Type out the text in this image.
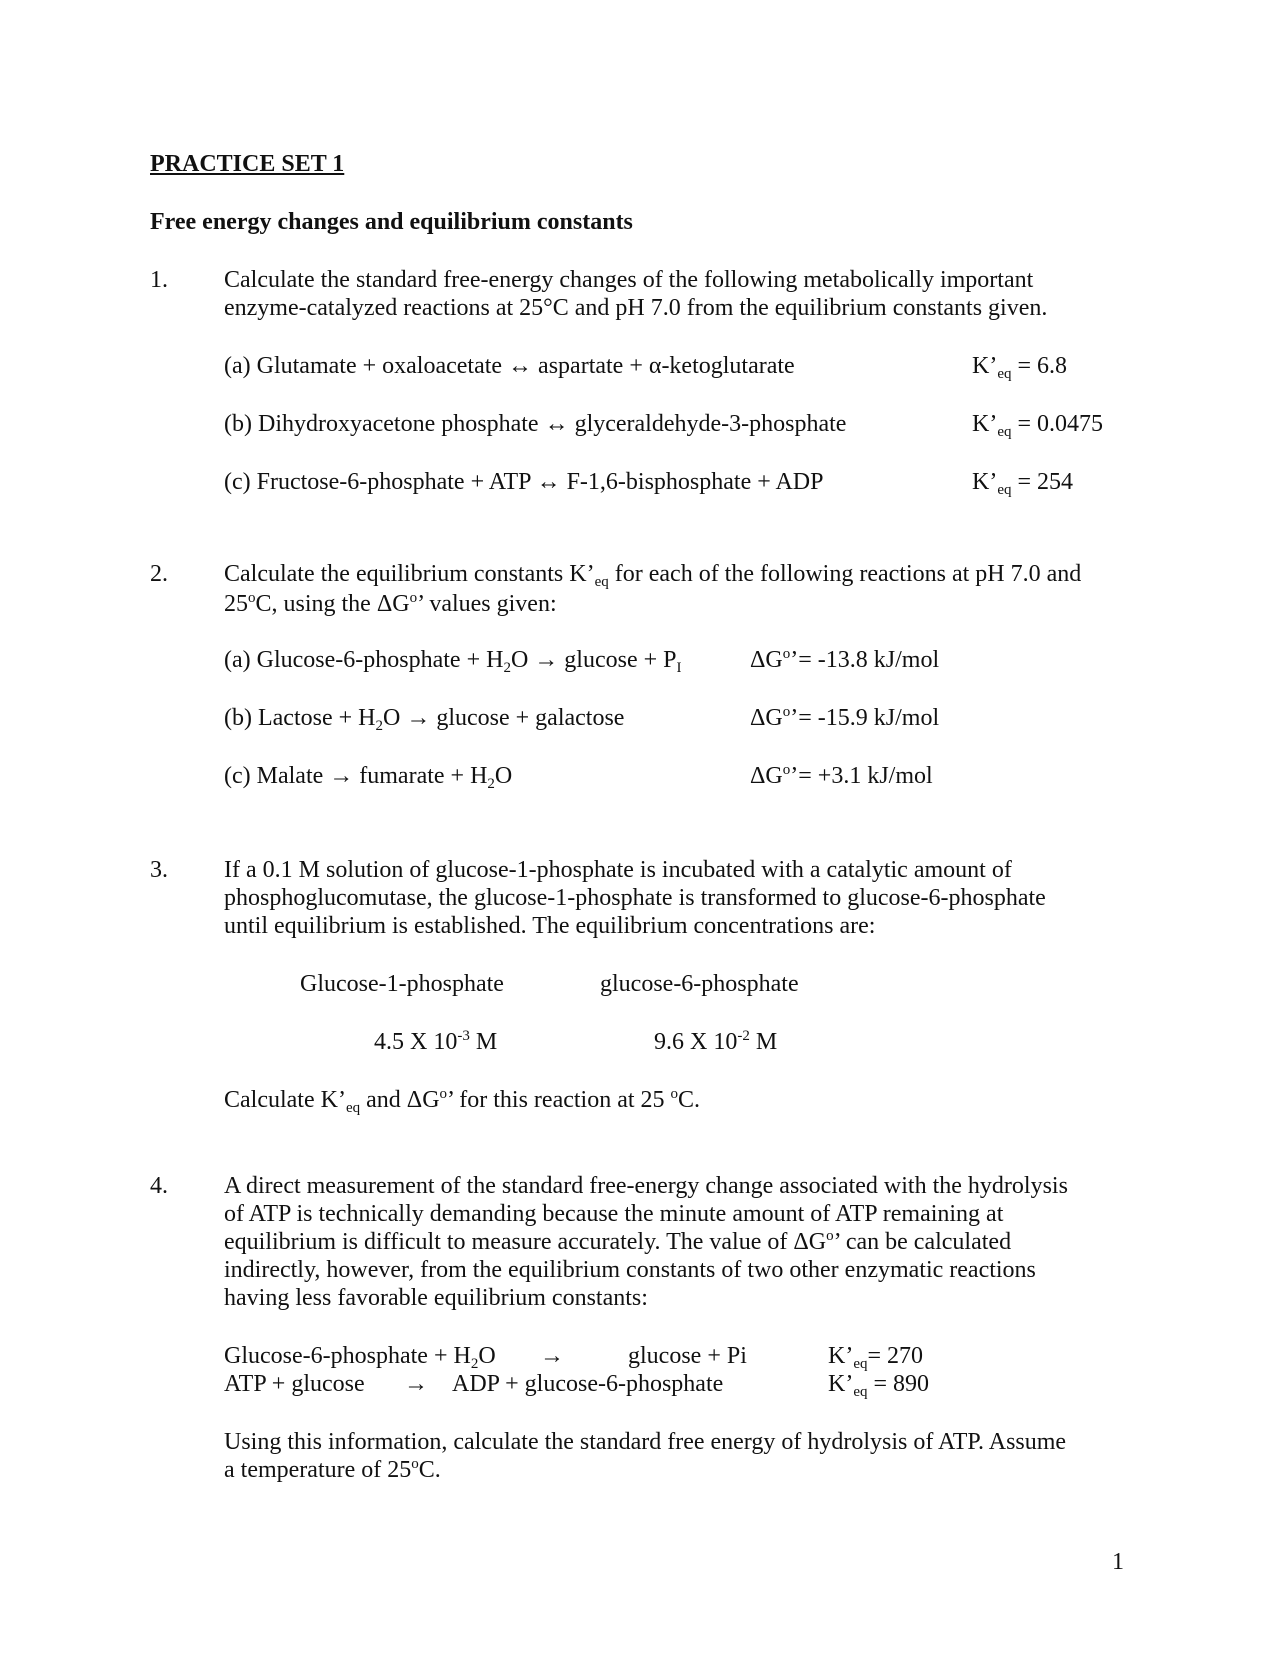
PRACTICE SET 1
Free energy changes and equilibrium constants
1. Calculate the standard free-energy changes of the following metabolically important
enzyme-catalyzed reactions at 25°C and pH 7.0 from the equilibrium constants given.
(a) Glutamate + oxaloacetate ↔ aspartate + α-ketoglutarate	$K’_{eq} = 6.8$
(b) Dihydroxyacetone phosphate ↔ glyceraldehyde-3-phosphate	$K’_{eq} = 0.0475$
(c) Fructose-6-phosphate + ATP ↔ F-1,6-bisphosphate + ADP	$K’_{eq} = 254$
2. Calculate the equilibrium constants $K’_{eq}$ for each of the following reactions at pH 7.0 and
25$^o$C, using the $\Delta G^o$’ values given:
(a) Glucose-6-phosphate + $H_2O \to glucose + P_I$	$\Delta G^o’= -13.8$ kJ/mol
(b) Lactose + $H_2O \to glucose$ + galactose	$\Delta G^o’= -15.9$ kJ/mol
(c) Malate → fumarate + $H_2O$	$\Delta G^o’= +3.1$ kJ/mol
3. If a 0.1 M solution of glucose-1-phosphate is incubated with a catalytic amount of
phosphoglucomutase, the glucose-1-phosphate is transformed to glucose-6-phosphate
until equilibrium is established. The equilibrium concentrations are:
Glucose-1-phosphate	glucose-6-phosphate
4.5 X $10^{-3}$ M	9.6 X $10^{-2}$ M
Calculate $K’_{eq}$ and $\Delta G^o$’ for this reaction at 25 $^o$C.
4. A direct measurement of the standard free-energy change associated with the hydrolysis
of ATP is technically demanding because the minute amount of ATP remaining at
equilibrium is difficult to measure accurately. The value of $\Delta G^o$’ can be calculated
indirectly, however, from the equilibrium constants of two other enzymatic reactions
having less favorable equilibrium constants:
Glucose-6-phosphate + $H_2O$ →	glucose + Pi	$K’_{eq}= 270$
ATP + glucose → ADP + glucose-6-phosphate	$K’_{eq} = 890$
Using this information, calculate the standard free energy of hydrolysis of ATP. Assume
a temperature of 25$^o$C.
1
